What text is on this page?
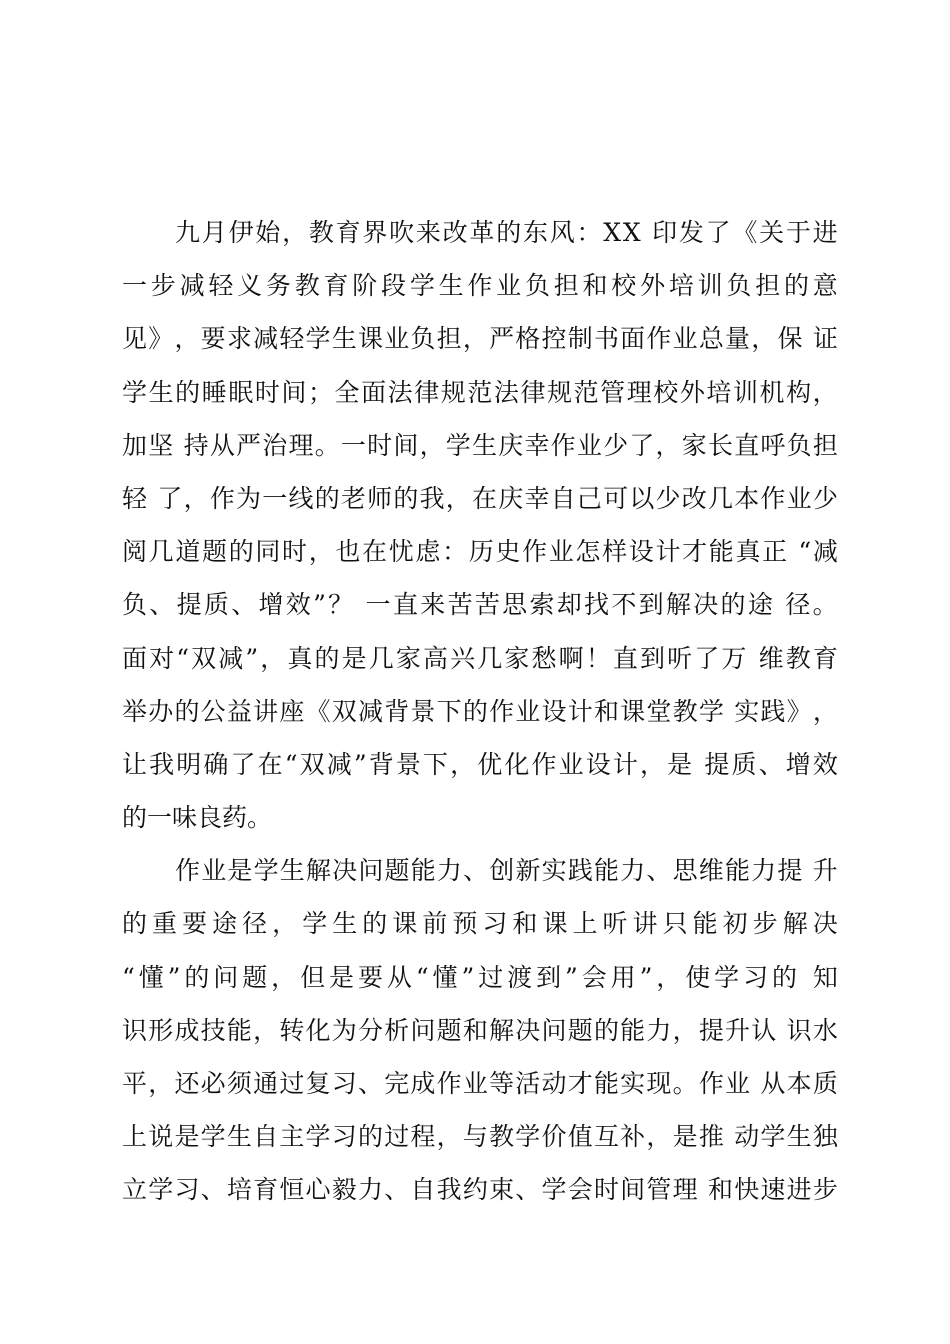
九 月 伊 始 ， 教 育 界 吹 来 改 革 的 东 风 ： X X
印 发 了 《 关 于 进
一 步 减 轻 义 务 教 育 阶 段 学 生 作 业 负 担 和 校 外 培 训 负 担 的 意
见 》 ， 要 求 减 轻 学 生 课 业 负 担 ， 严 格 控 制 书 面 作 业 总 量 ， 保
证
学 生 的 睡 眠 时 间 ； 全 面 法 律 规 范 法 律 规 范 管 理 校 外 培 训 机 构 ，
加 坚
持 从 严 治 理 。 一 时 间 ， 学 生 庆 幸 作 业 少 了 ， 家 长 直 呼 负 担
轻
了 ， 作 为 一 线 的 老 师 的 我 ， 在 庆 幸 自 己 可 以 少 改 几 本 作 业 少
阅 几 道 题 的 同 时 ， 也 在 忧 虑 ： 历 史 作 业 怎 样 设 计 才 能 真 正
“ 减
负 、 提 质 、 增 效 ” ？
一 直 来 苦 苦 思 索 却 找 不 到 解 决 的 途
径 。
面 对 “ 双 减 ” ， 真 的 是 几 家 高 兴 几 家 愁 啊 ！ 直 到 听 了 万
维 教 育
举 办 的 公 益 讲 座 《 双 减 背 景 下 的 作 业 设 计 和 课 堂 教 学
实 践 》 ，
让 我 明 确 了 在 “ 双 减 ” 背 景 下 ， 优 化 作 业 设 计 ， 是
提 质 、 增 效
的一味良药。
作 业 是 学 生 解 决 问 题 能 力 、 创 新 实 践 能 力 、 思 维 能 力 提
升
的 重 要 途 径 ， 学 生 的 课 前 预 习 和 课 上 听 讲 只 能 初 步 解 决
“ 懂 ” 的 问 题 ， 但 是 要 从 “ 懂 ” 过 渡 到 ” 会 用 ” ， 使 学 习 的
知
识 形 成 技 能 ， 转 化 为 分 析 问 题 和 解 决 问 题 的 能 力 ， 提 升 认
识 水
平 ， 还 必 须 通 过 复 习 、 完 成 作 业 等 活 动 才 能 实 现 。 作 业
从 本 质
上 说 是 学 生 自 主 学 习 的 过 程 ， 与 教 学 价 值 互 补 ， 是 推
动 学 生 独
立 学 习 、 培 育 恒 心 毅 力 、 自 我 约 束 、 学 会 时 间 管 理
和 快 速 进 步
